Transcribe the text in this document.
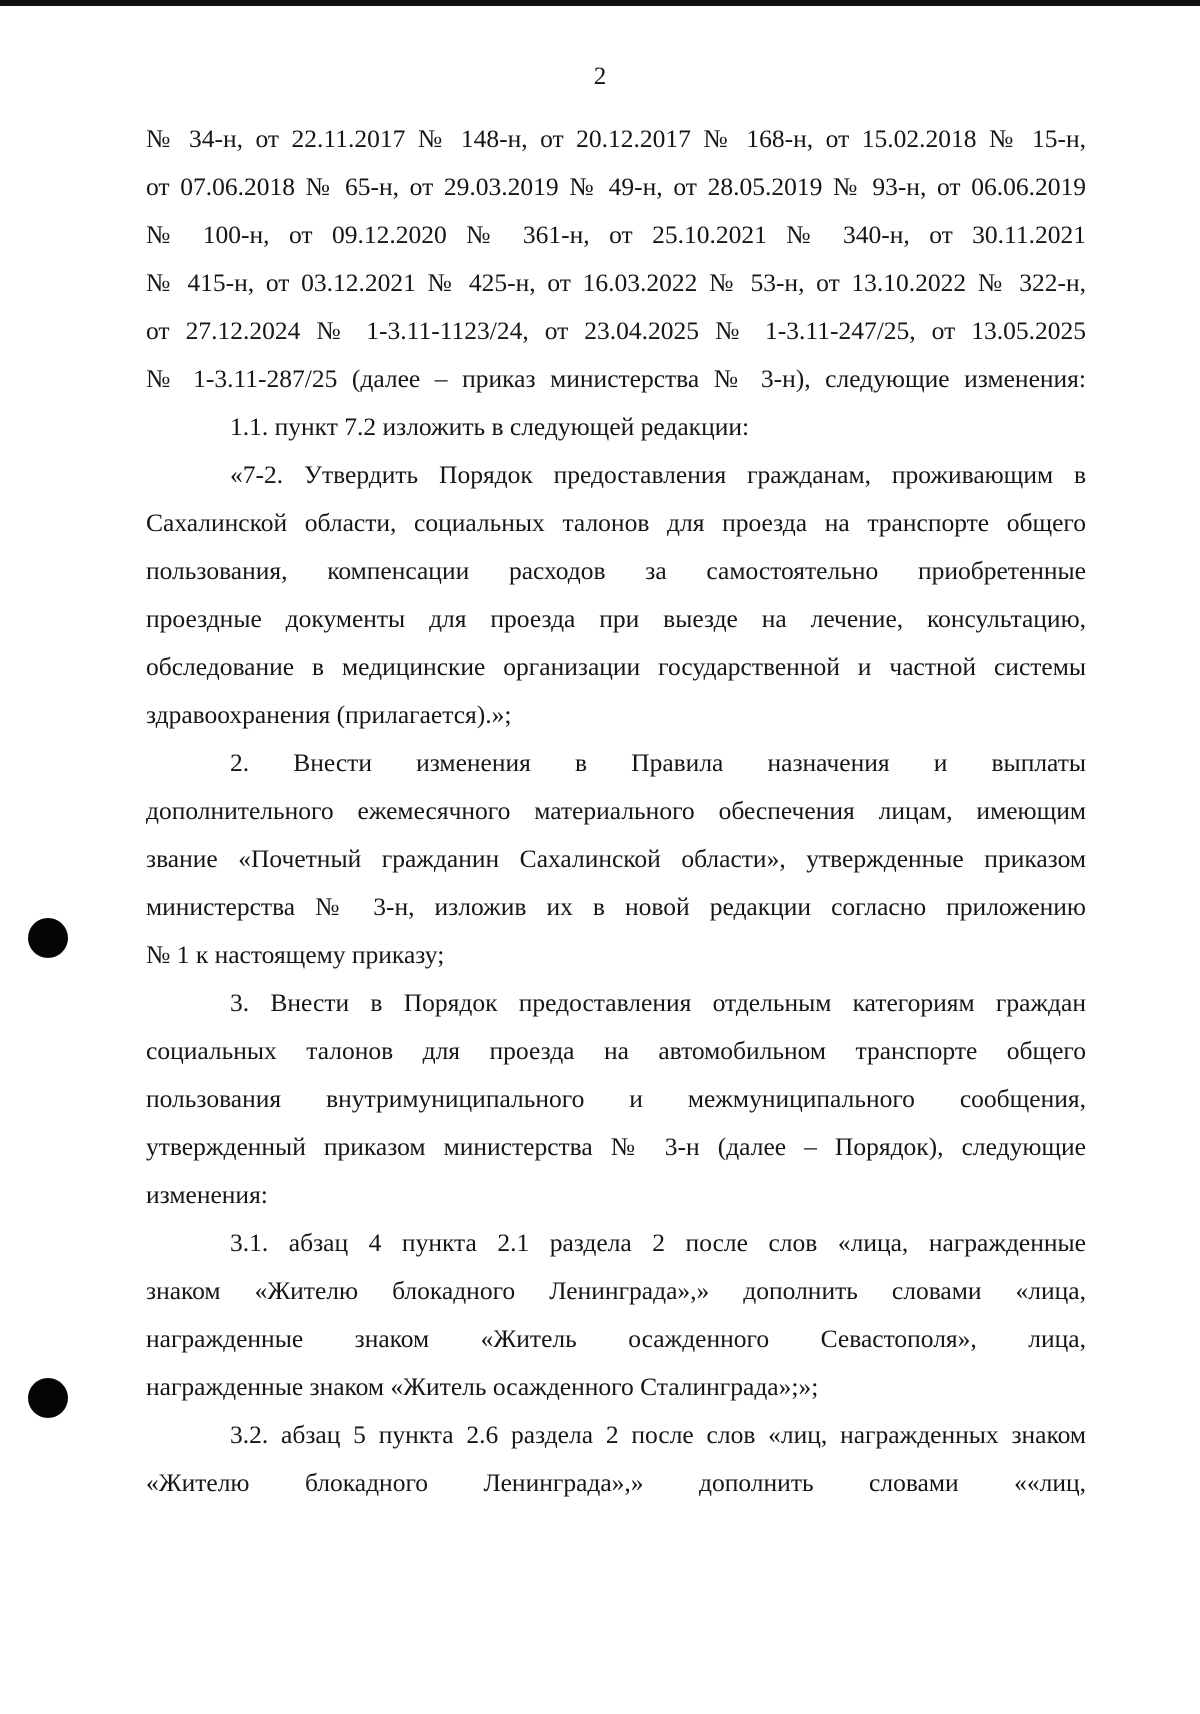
2
№ 34-н, от 22.11.2017 № 148-н, от 20.12.2017 № 168-н, от 15.02.2018 № 15-н,
от 07.06.2018 № 65-н, от 29.03.2019 № 49-н, от 28.05.2019 № 93-н, от 06.06.2019
№ 100-н, от 09.12.2020 № 361-н, от 25.10.2021 № 340-н, от 30.11.2021
№ 415-н, от 03.12.2021 № 425-н, от 16.03.2022 № 53-н, от 13.10.2022 № 322-н,
от 27.12.2024 № 1-3.11-1123/24, от 23.04.2025 № 1-3.11-247/25, от 13.05.2025
№ 1-3.11-287/25 (далее – приказ министерства № 3-н), следующие изменения:
1.1. пункт 7.2 изложить в следующей редакции:
«7-2. Утвердить Порядок предоставления гражданам, проживающим в
Сахалинской области, социальных талонов для проезда на транспорте общего
пользования, компенсации расходов за самостоятельно приобретенные
проездные документы для проезда при выезде на лечение, консультацию,
обследование в медицинские организации государственной и частной системы
здравоохранения (прилагается).»;
2. Внести изменения в Правила назначения и выплаты
дополнительного ежемесячного материального обеспечения лицам, имеющим
звание «Почетный гражданин Сахалинской области», утвержденные приказом
министерства № 3-н, изложив их в новой редакции согласно приложению
№ 1 к настоящему приказу;
3. Внести в Порядок предоставления отдельным категориям граждан
социальных талонов для проезда на автомобильном транспорте общего
пользования внутримуниципального и межмуниципального сообщения,
утвержденный приказом министерства № 3-н (далее – Порядок), следующие
изменения:
3.1. абзац 4 пункта 2.1 раздела 2 после слов «лица, награжденные
знаком «Жителю блокадного Ленинграда»,» дополнить словами «лица,
награжденные знаком «Житель осажденного Севастополя», лица,
награжденные знаком «Житель осажденного Сталинграда»;»;
3.2. абзац 5 пункта 2.6 раздела 2 после слов «лиц, награжденных знаком
«Жителю блокадного Ленинграда»,» дополнить словами ««лиц,
